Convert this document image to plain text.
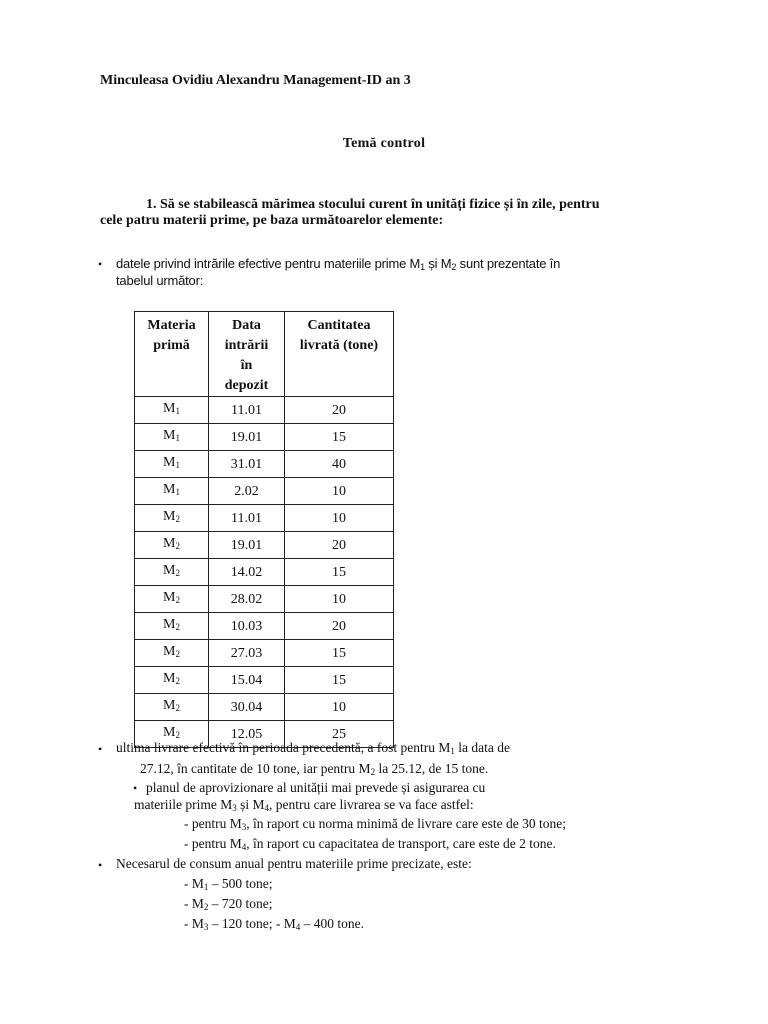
Minculeasa Ovidiu Alexandru Management-ID an 3
Temă control
1. Să se stabilească mărimea stocului curent în unități fizice și în zile, pentru
cele patru materii prime, pe baza următoarelor elemente:
• datele privind intrările efective pentru materiile prime $M_1$ și $M_2$ sunt prezentate în
tabelul următor:
Materia primă	Data intrării în depozit	Cantitatea livrată (tone)

$M_1$	11.01	20
$M_1$	19.01	15
$M_1$	31.01	40
$M_1$	2.02	10
$M_2$	11.01	10
$M_2$	19.01	20
$M_2$	14.02	15
$M_2$	28.02	10
$M_2$	10.03	20
$M_2$	27.03	15
$M_2$	15.04	15
$M_2$	30.04	10
$M_2$	12.05	25
• ultima livrare efectivă în perioada precedentă, a fost pentru $M_1$ la data de
27.12, în cantitate de 10 tone, iar pentru $M_2$ la 25.12, de 15 tone.
• planul de aprovizionare al unității mai prevede și asigurarea cu
materiile prime $M_3$ și $M_4$, pentru care livrarea se va face astfel:
- pentru $M_3$, în raport cu norma minimă de livrare care este de 30 tone;
- pentru $M_4$, în raport cu capacitatea de transport, care este de 2 tone.
• Necesarul de consum anual pentru materiile prime precizate, este:
- $M_1 - 500$ tone;
- $M_2 - 720$ tone;
- $M_3 - 120$ tone; - $M_4 - 400$ tone.
